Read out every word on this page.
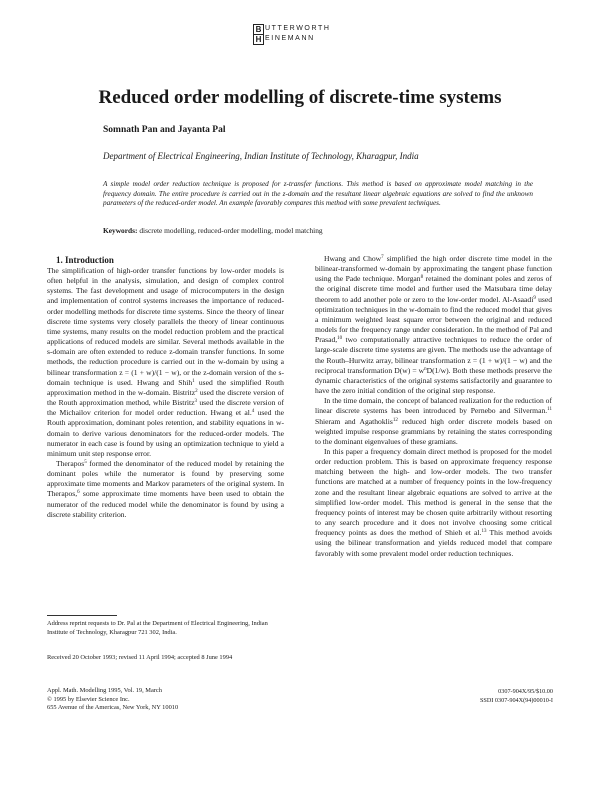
B UTTERWORTH
H EINEMANN
Reduced order modelling of discrete-time systems
Somnath Pan and Jayanta Pal
Department of Electrical Engineering, Indian Institute of Technology, Kharagpur, India

A simple model order reduction technique is proposed for z-transfer functions. This method is based on approximate model matching in the frequency domain. The entire procedure is carried out in the z-domain and the resultant linear algebraic equations are solved to find the unknown parameters of the reduced-order model. An example favorably compares this method with some prevalent techniques.

Keywords: discrete modelling, reduced-order modelling, model matching

1. Introduction

The simplification of high-order transfer functions by low-order models is often helpful in the analysis, simulation, and design of complex control systems. The fast development and usage of microcomputers in the design and implementation of control systems increases the importance of reduced-order modelling methods for discrete time systems. Since the theory of linear discrete time systems very closely parallels the theory of linear continuous time systems, many results on the model reduction problem and the practical applications of reduced models are similar. Several methods available in the s-domain are often extended to reduce z-domain transfer functions. In some methods, the reduction procedure is carried out in the w-domain by using a bilinear transformation z = (1 + w)/(1 − w), or the z-domain version of the s-domain technique is used. Hwang and Shih$^1$ used the simplified Routh approximation method in the w-domain. Bistritz$^2$ used the discrete version of the Routh approximation method, while Bistritz$^3$ used the discrete version of the Michailov criterion for model order reduction. Hwang et al.$^4$ used the Routh approximation, dominant poles retention, and stability equations in w-domain to derive various denominators for the reduced-order models. The numerator in each case is found by using an optimization technique to yield a minimum unit step response error.

Therapos$^5$ formed the denominator of the reduced model by retaining the dominant poles while the numerator is found by preserving some approximate time moments and Markov parameters of the original system. In Therapos,$^6$ some approximate time moments have been used to obtain the numerator of the reduced model while the denominator is found by using a discrete stability criterion.

Address reprint requests to Dr. Pal at the Department of Electrical Engineering, Indian Institute of Technology, Kharagpur 721 302, India.

Received 20 October 1993; revised 11 April 1994; accepted 8 June 1994

Appl. Math. Modelling 1995, Vol. 19, March
© 1995 by Elsevier Science Inc.
655 Avenue of the Americas, New York, NY 10010
0307-904X/95/$10.00
SSDI 0307-904X(94)00010-I

Hwang and Chow$^7$ simplified the high order discrete time model in the bilinear-transformed w-domain by approximating the tangent phase function using the Pade technique. Morgan$^8$ retained the dominant poles and zeros of the original discrete time model and further used the Matsubara time delay theorem to add another pole or zero to the low-order model. Al-Asaadi$^9$ used optimization techniques in the w-domain to find the reduced model that gives a minimum weighted least square error between the original and reduced models for the frequency range under consideration. In the method of Pal and Prasad,$^{10}$ two computationally attractive techniques to reduce the order of large-scale discrete time systems are given. The methods use the advantage of the Routh–Hurwitz array, bilinear transformation z = (1 + w)/(1 − w) and the reciprocal transformation $D(w) = w^nD(1/w)$. Both these methods preserve the dynamic characteristics of the original systems satisfactorily and guarantee to have the zero initial condition of the original step response.

In the time domain, the concept of balanced realization for the reduction of linear discrete systems has been introduced by Pernebo and Silverman.$^{11}$ Shieram and Agathoklis$^{12}$ reduced high order discrete models based on weighted impulse response grammians by retaining the states corresponding to the dominant eigenvalues of these gramians.

In this paper a frequency domain direct method is proposed for the model order reduction problem. This is based on approximate frequency response matching between the high- and low-order models. The two transfer functions are matched at a number of frequency points in the low-frequency zone and the resultant linear algebraic equations are solved to arrive at the simplified low-order model. This method is general in the sense that the frequency points of interest may be chosen quite arbitrarily without resorting to any search procedure and it does not involve choosing some critical frequency points as does the method of Shieh et al.$^{13}$ This method avoids using the bilinear transformation and yields reduced model that compare favorably with some prevalent model order reduction techniques.
